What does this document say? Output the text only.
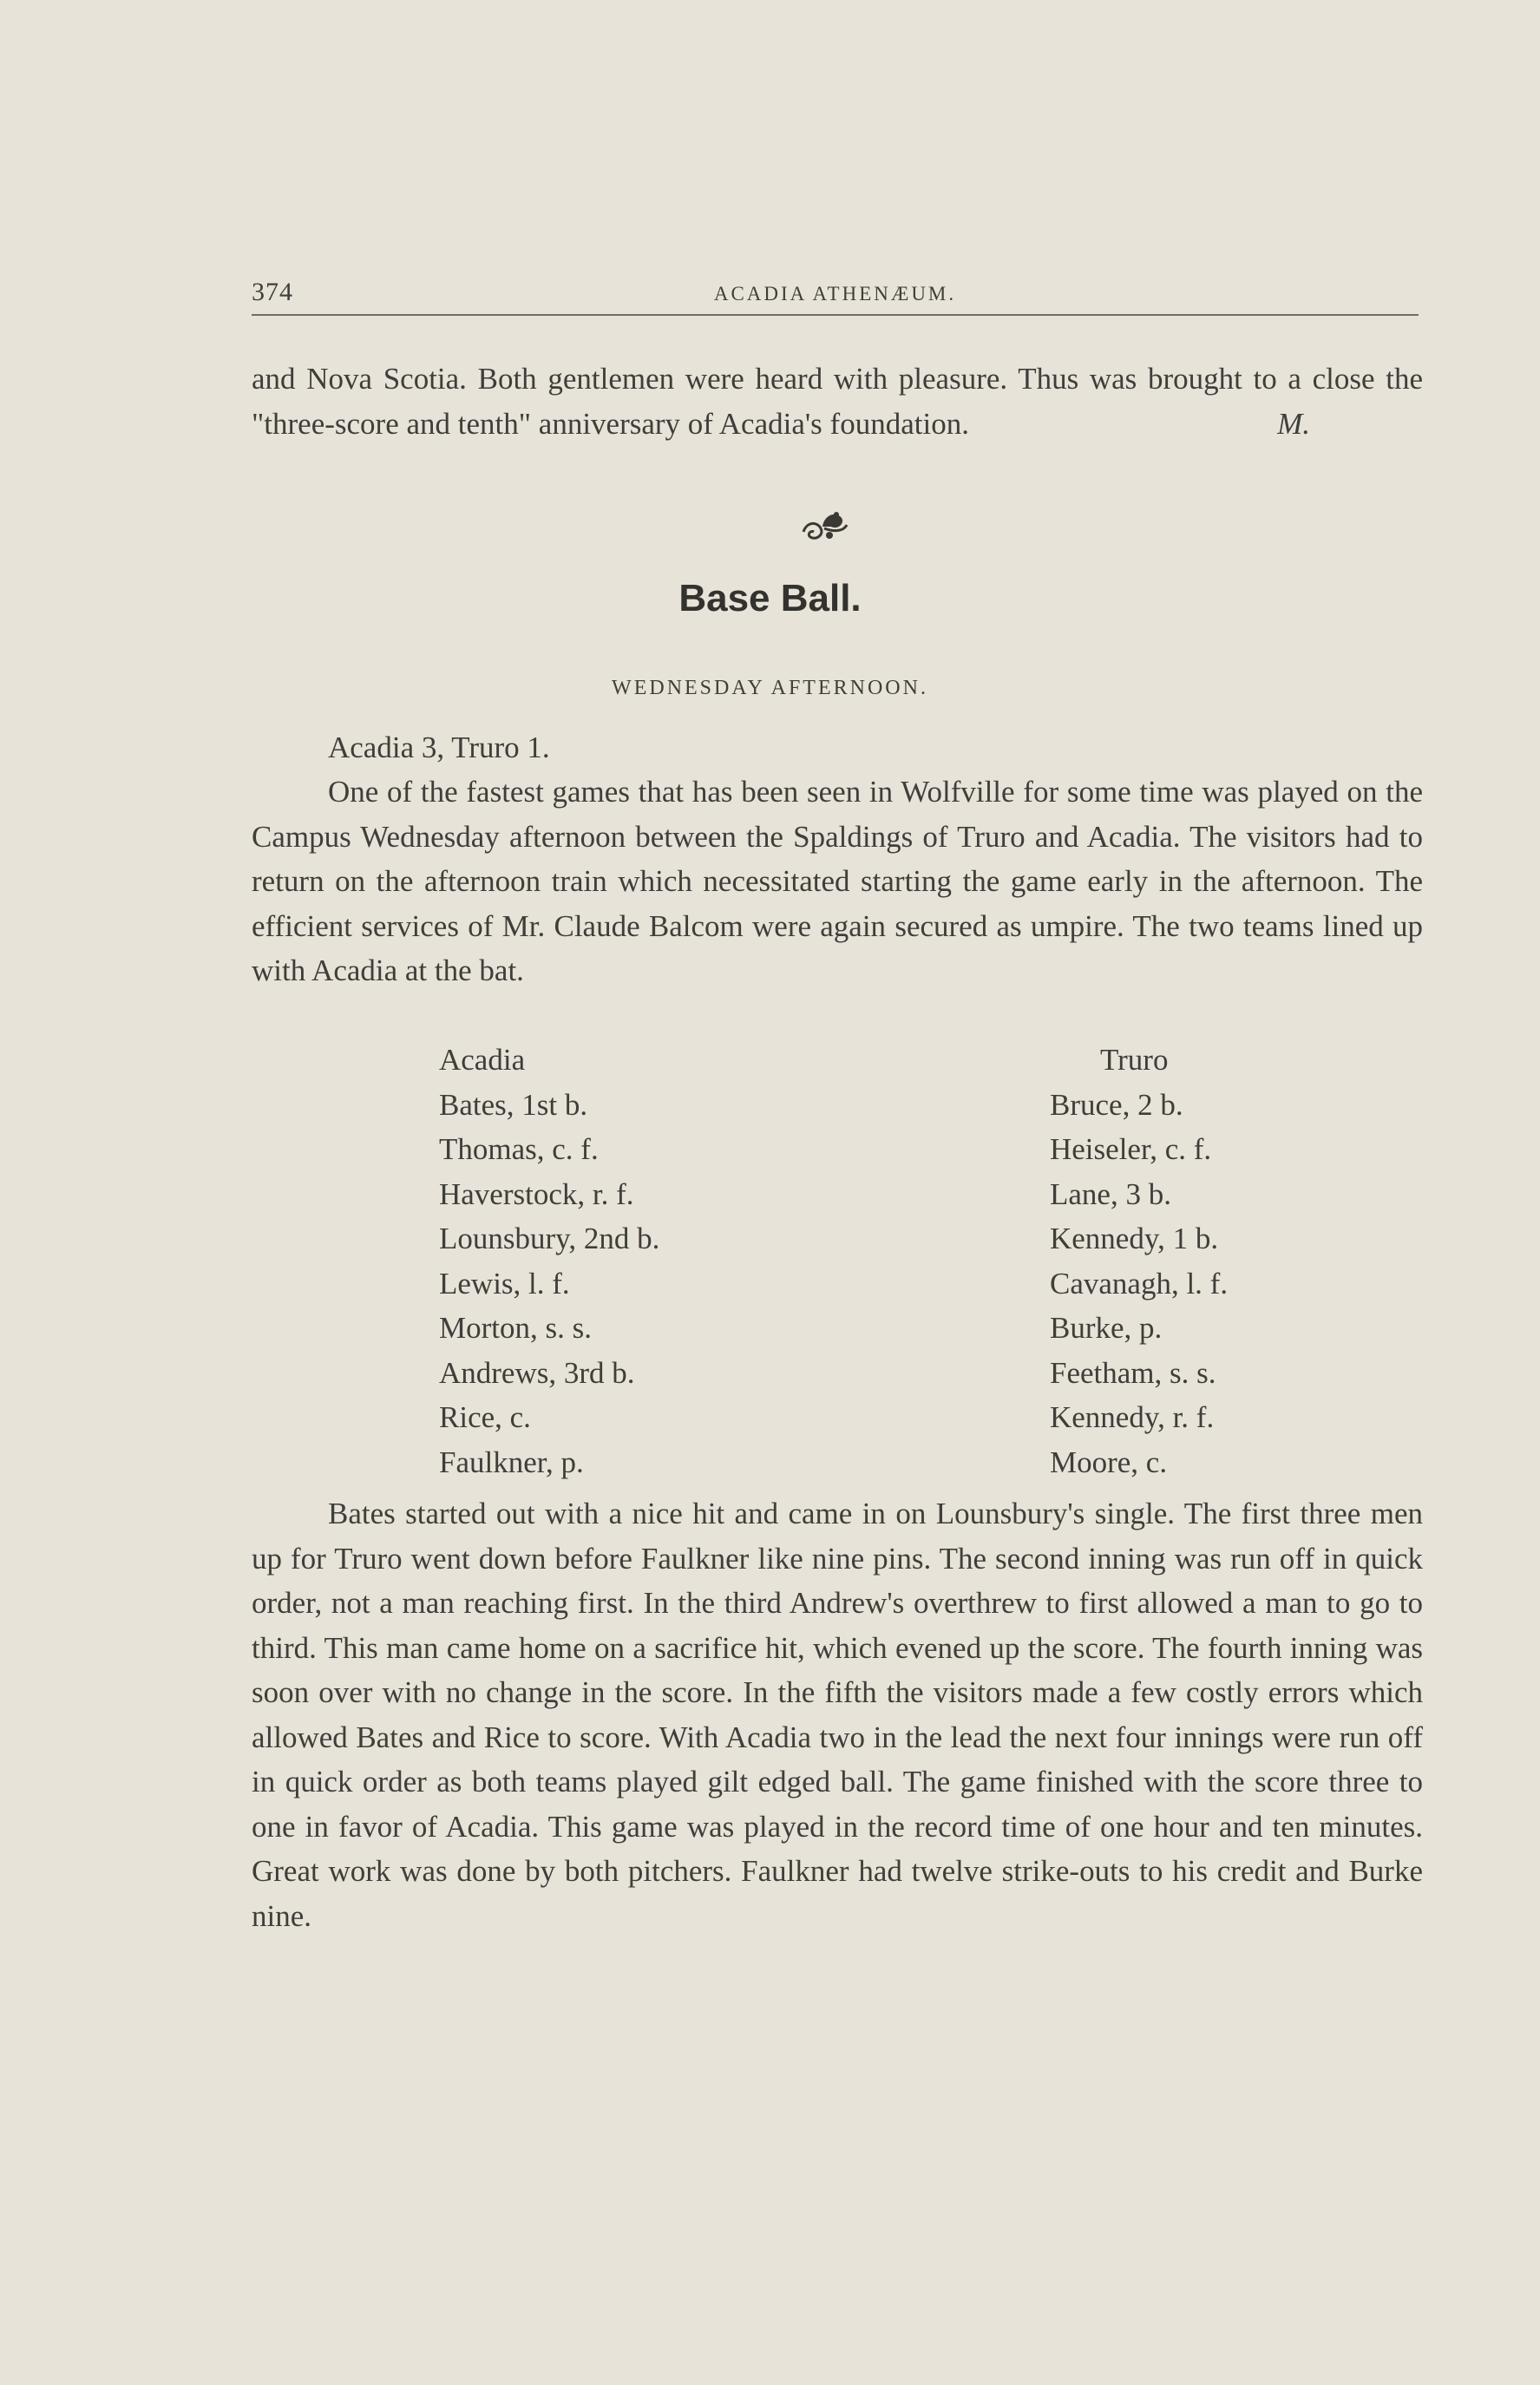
374	ACADIA ATHENÆUM.

and Nova Scotia. Both gentlemen were heard with pleasure. Thus was brought to a close the "three-score and tenth" anniversary of Acadia's foundation.	M.

Base Ball.
WEDNESDAY AFTERNOON.
Acadia 3, Truro 1.

One of the fastest games that has been seen in Wolfville for some time was played on the Campus Wednesday afternoon between the Spaldings of Truro and Acadia. The visitors had to return on the afternoon train which necessitated starting the game early in the afternoon. The efficient services of Mr. Claude Balcom were again secured as umpire. The two teams lined up with Acadia at the bat.

Acadia
Bates, 1st b.
Thomas, c. f.
Haverstock, r. f.
Lounsbury, 2nd b.
Lewis, l. f.
Morton, s. s.
Andrews, 3rd b.
Rice, c.
Faulkner, p.
Truro
Bruce, 2 b.
Heiseler, c. f.
Lane, 3 b.
Kennedy, 1 b.
Cavanagh, l. f.
Burke, p.
Feetham, s. s.
Kennedy, r. f.
Moore, c.

Bates started out with a nice hit and came in on Lounsbury's single. The first three men up for Truro went down before Faulkner like nine pins. The second inning was run off in quick order, not a man reaching first. In the third Andrew's overthrew to first allowed a man to go to third. This man came home on a sacrifice hit, which evened up the score. The fourth inning was soon over with no change in the score. In the fifth the visitors made a few costly errors which allowed Bates and Rice to score. With Acadia two in the lead the next four innings were run off in quick order as both teams played gilt edged ball. The game finished with the score three to one in favor of Acadia. This game was played in the record time of one hour and ten minutes. Great work was done by both pitchers. Faulkner had twelve strike-outs to his credit and Burke nine.
